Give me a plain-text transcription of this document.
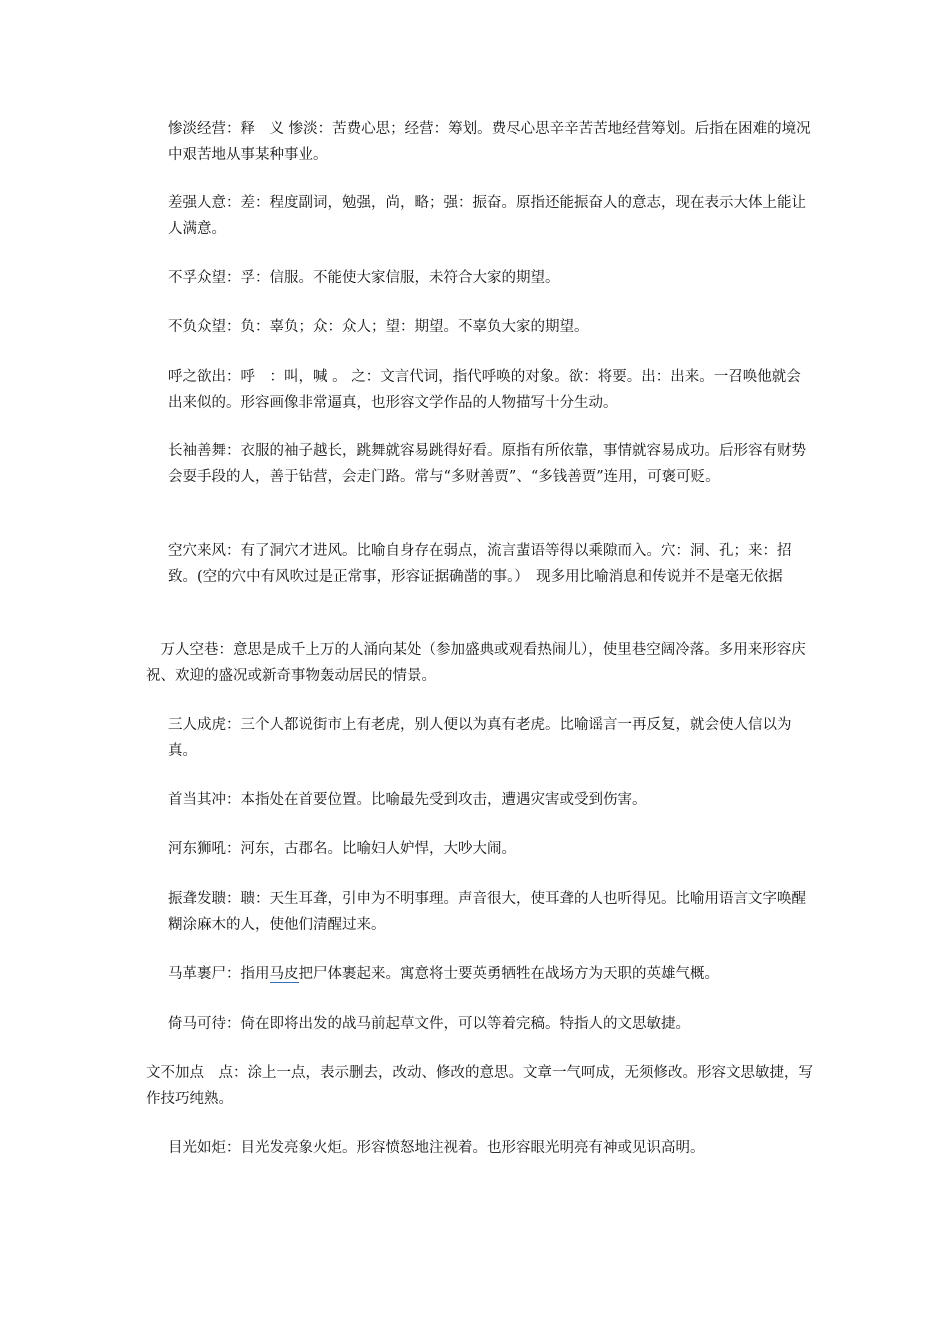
惨淡经营：释　义 惨淡：苦费心思；经营：筹划。费尽心思辛辛苦苦地经营筹划。后指在困难的境况中艰苦地从事某种事业。

差强人意：差：程度副词，勉强，尚，略；强：振奋。原指还能振奋人的意志，现在表示大体上能让人满意。

不孚众望：孚：信服。不能使大家信服，未符合大家的期望。

不负众望：负：辜负；众：众人；望：期望。不辜负大家的期望。

呼之欲出：呼　：叫，喊 。 之：文言代词，指代呼唤的对象。欲：将要。出：出来。一召唤他就会出来似的。形容画像非常逼真，也形容文学作品的人物描写十分生动。

长袖善舞：衣服的袖子越长，跳舞就容易跳得好看。原指有所依靠，事情就容易成功。后形容有财势会耍手段的人，善于钻营，会走门路。常与“多财善贾”、“多钱善贾”连用，可褒可贬。

空穴来风：有了洞穴才进风。比喻自身存在弱点，流言蜚语等得以乘隙而入。穴：洞、孔；来：招致。(空的穴中有风吹过是正常事，形容证据确凿的事。）　现多用比喻消息和传说并不是毫无依据

　万人空巷：意思是成千上万的人涌向某处（参加盛典或观看热闹儿），使里巷空阔冷落。多用来形容庆祝、欢迎的盛况或新奇事物轰动居民的情景。

三人成虎：三个人都说街市上有老虎，别人便以为真有老虎。比喻谣言一再反复，就会使人信以为真。

首当其冲：本指处在首要位置。比喻最先受到攻击，遭遇灾害或受到伤害。

河东狮吼：河东，古郡名。比喻妇人妒悍，大吵大闹。

振聋发聩：聩：天生耳聋，引申为不明事理。声音很大，使耳聋的人也听得见。比喻用语言文字唤醒糊涂麻木的人，使他们清醒过来。

马革裹尸：指用马皮把尸体裹起来。寓意将士要英勇牺牲在战场方为天职的英雄气概。

倚马可待：倚在即将出发的战马前起草文件，可以等着完稿。特指人的文思敏捷。

文不加点　点：涂上一点，表示删去，改动、修改的意思。文章一气呵成，无须修改。形容文思敏捷，写作技巧纯熟。

目光如炬：目光发亮象火炬。形容愤怒地注视着。也形容眼光明亮有神或见识高明。
